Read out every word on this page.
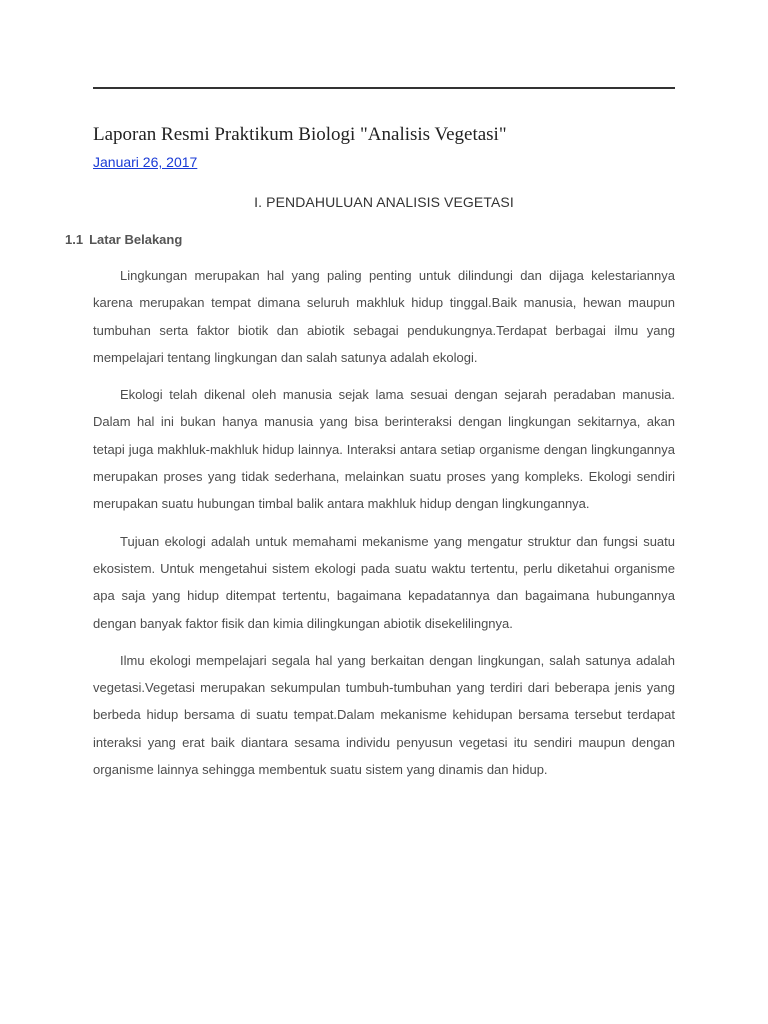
Laporan Resmi Praktikum Biologi "Analisis Vegetasi"
Januari 26, 2017
I. PENDAHULUAN ANALISIS VEGETASI
1.1 Latar Belakang

Lingkungan merupakan hal yang paling penting untuk dilindungi dan dijaga kelestariannya karena merupakan tempat dimana seluruh makhluk hidup tinggal.Baik manusia, hewan maupun tumbuhan serta faktor biotik dan abiotik sebagai pendukungnya.Terdapat berbagai ilmu yang mempelajari tentang lingkungan dan salah satunya adalah ekologi.

Ekologi telah dikenal oleh manusia sejak lama sesuai dengan sejarah peradaban manusia. Dalam hal ini bukan hanya manusia yang bisa berinteraksi dengan lingkungan sekitarnya, akan tetapi juga makhluk-makhluk hidup lainnya. Interaksi antara setiap organisme dengan lingkungannya merupakan proses yang tidak sederhana, melainkan suatu proses yang kompleks. Ekologi sendiri merupakan suatu hubungan timbal balik antara makhluk hidup dengan lingkungannya.

Tujuan ekologi adalah untuk memahami mekanisme yang mengatur struktur dan fungsi suatu ekosistem. Untuk mengetahui sistem ekologi pada suatu waktu tertentu, perlu diketahui organisme apa saja yang hidup ditempat tertentu, bagaimana kepadatannya dan bagaimana hubungannya dengan banyak faktor fisik dan kimia dilingkungan abiotik disekelilingnya.

Ilmu ekologi mempelajari segala hal yang berkaitan dengan lingkungan, salah satunya adalah vegetasi.Vegetasi merupakan sekumpulan tumbuh-tumbuhan yang terdiri dari beberapa jenis yang berbeda hidup bersama di suatu tempat.Dalam mekanisme kehidupan bersama tersebut terdapat interaksi yang erat baik diantara sesama individu penyusun vegetasi itu sendiri maupun dengan organisme lainnya sehingga membentuk suatu sistem yang dinamis dan hidup.
